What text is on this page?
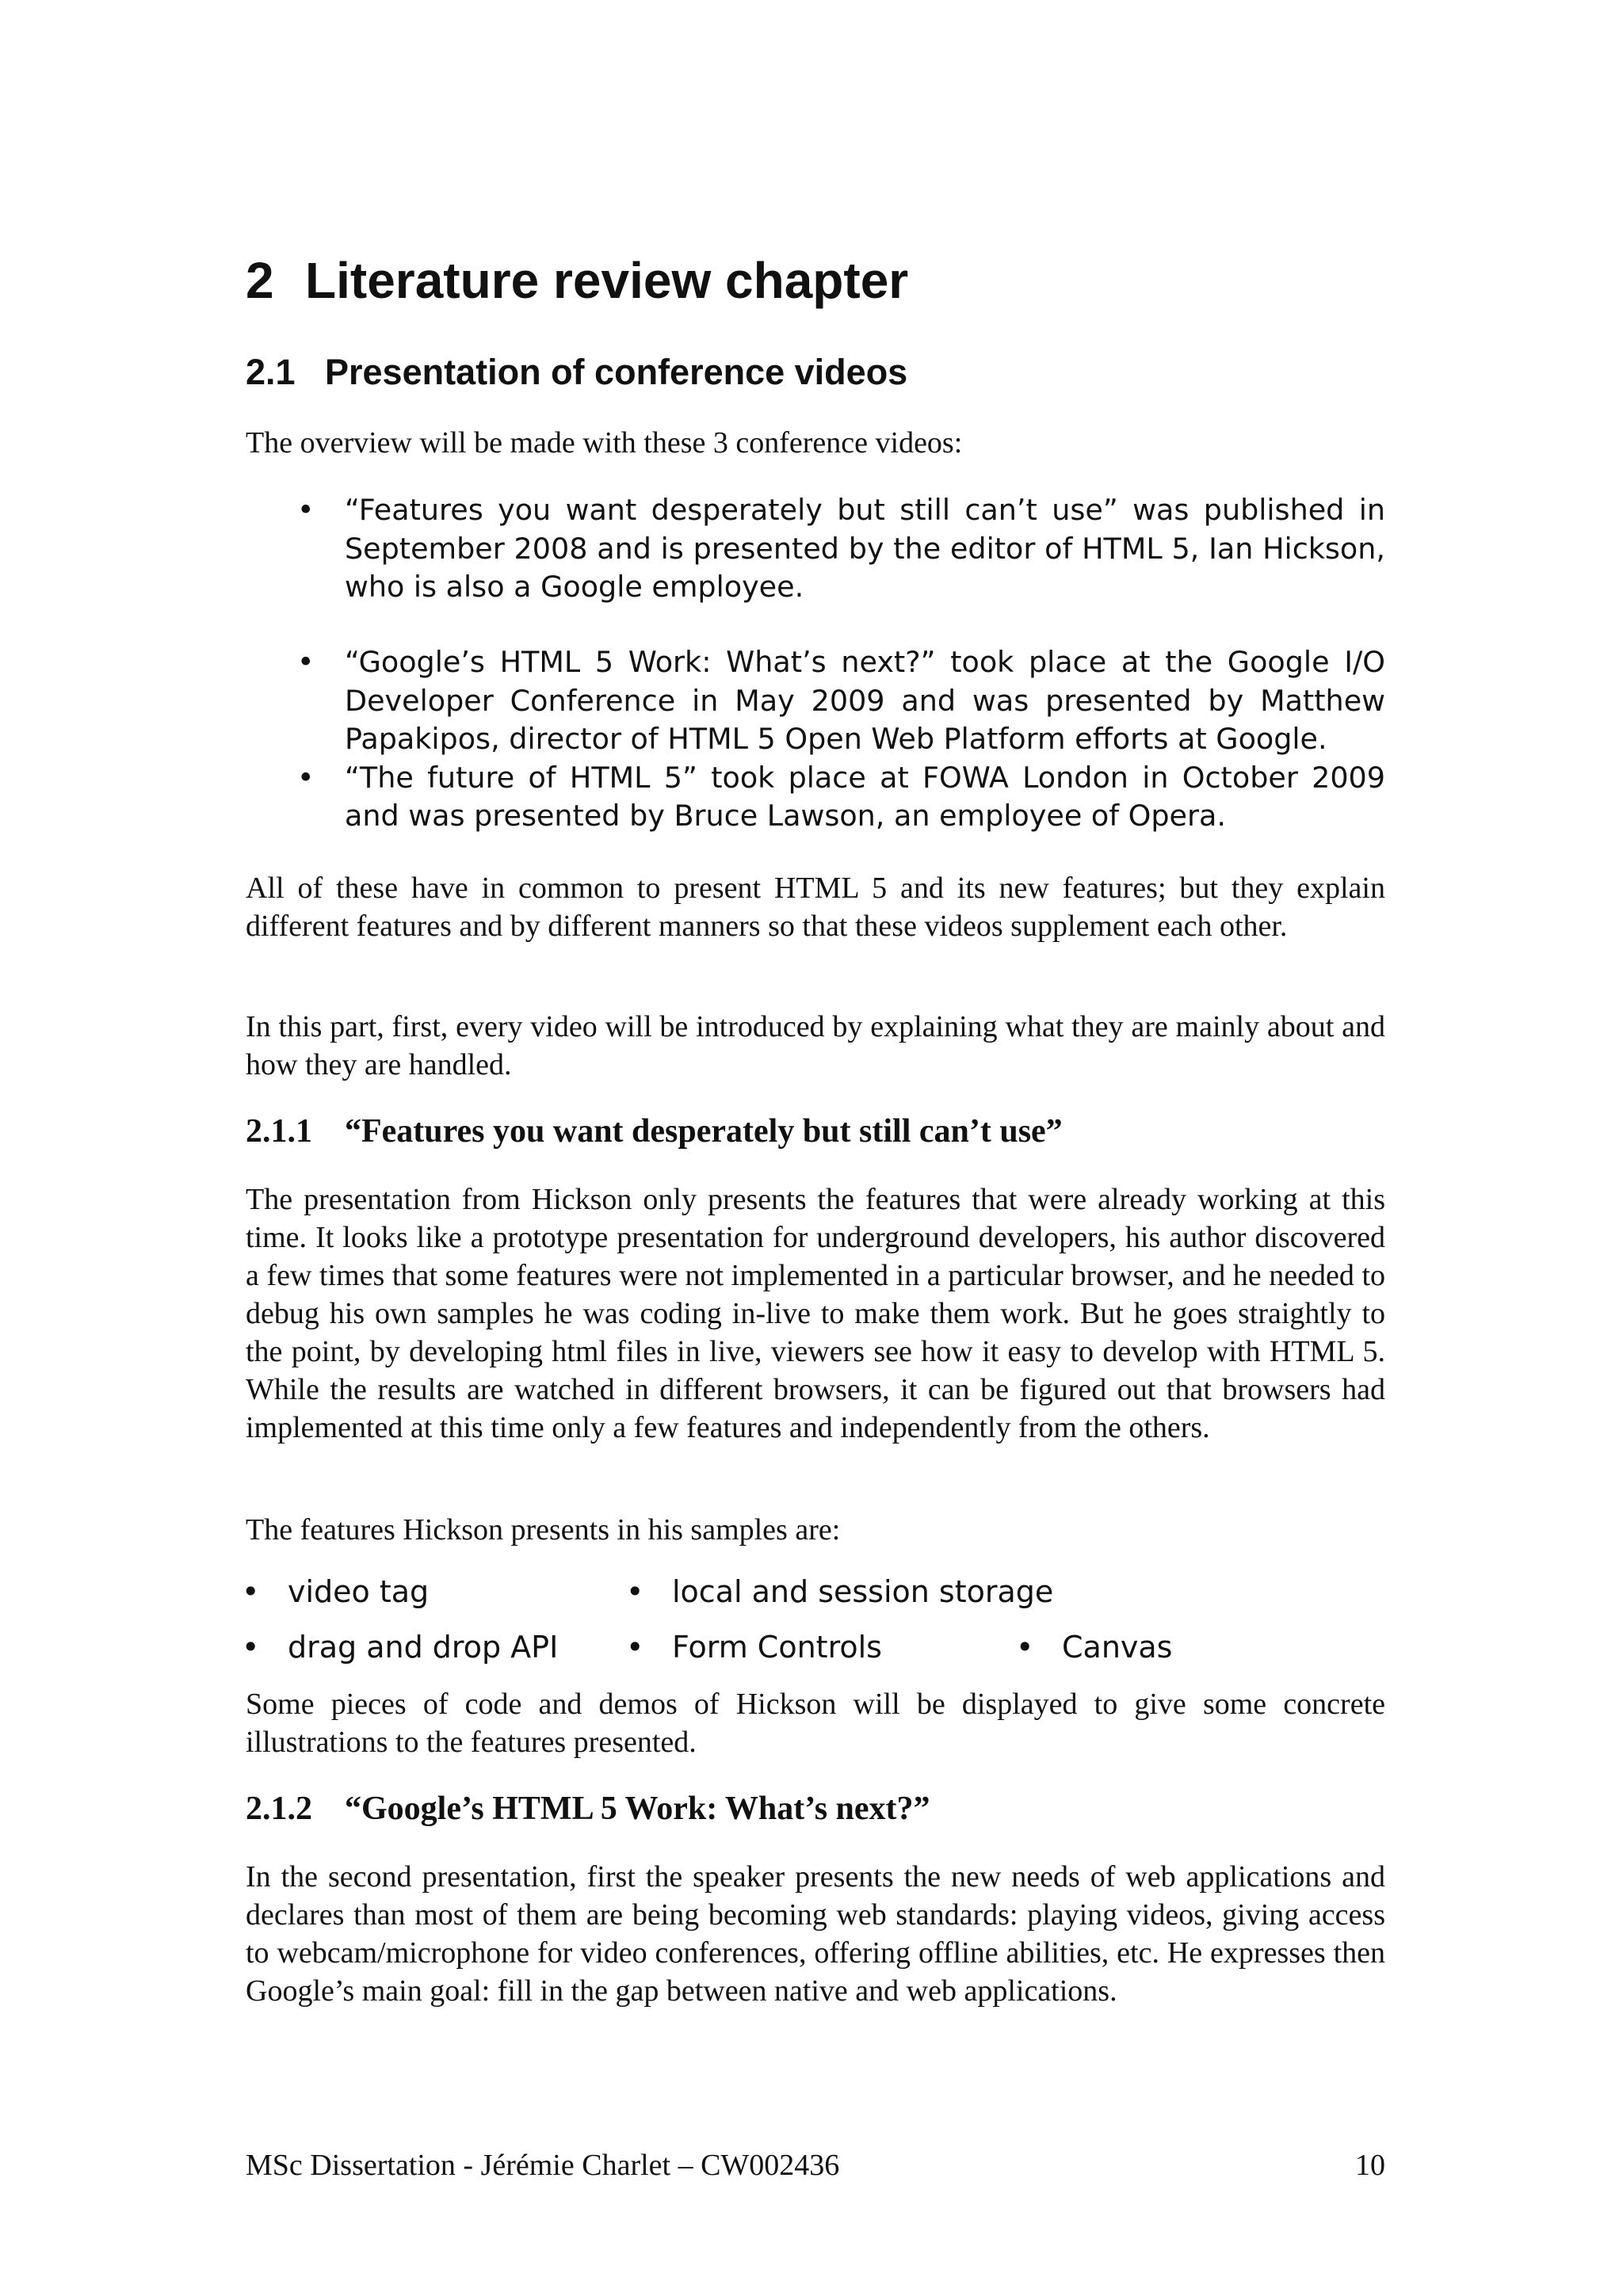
2 Literature review chapter
2.1 Presentation of conference videos

The overview will be made with these 3 conference videos:

• “Features you want desperately but still can’t use” was published in September 2008 and is presented by the editor of HTML 5, Ian Hickson, who is also a Google employee.
• “Google’s HTML 5 Work: What’s next?” took place at the Google I/O Developer Conference in May 2009 and was presented by Matthew Papakipos, director of HTML 5 Open Web Platform efforts at Google.
• “The future of HTML 5” took place at FOWA London in October 2009 and was presented by Bruce Lawson, an employee of Opera.

All of these have in common to present HTML 5 and its new features; but they explain different features and by different manners so that these videos supplement each other.

In this part, first, every video will be introduced by explaining what they are mainly about and how they are handled.

2.1.1 “Features you want desperately but still can’t use”

The presentation from Hickson only presents the features that were already working at this time. It looks like a prototype presentation for underground developers, his author discovered a few times that some features were not implemented in a particular browser, and he needed to debug his own samples he was coding in-live to make them work. But he goes straightly to the point, by developing html files in live, viewers see how it easy to develop with HTML 5. While the results are watched in different browsers, it can be figured out that browsers had implemented at this time only a few features and independently from the others.

The features Hickson presents in his samples are:

• video tag	• local and session storage
• drag and drop API • Form Controls	• Canvas

Some pieces of code and demos of Hickson will be displayed to give some concrete illustrations to the features presented.

2.1.2 “Google’s HTML 5 Work: What’s next?”

In the second presentation, first the speaker presents the new needs of web applications and declares than most of them are being becoming web standards: playing videos, giving access to webcam/microphone for video conferences, offering offline abilities, etc. He expresses then Google’s main goal: fill in the gap between native and web applications.

MSc Dissertation - Jérémie Charlet – CW002436	10
